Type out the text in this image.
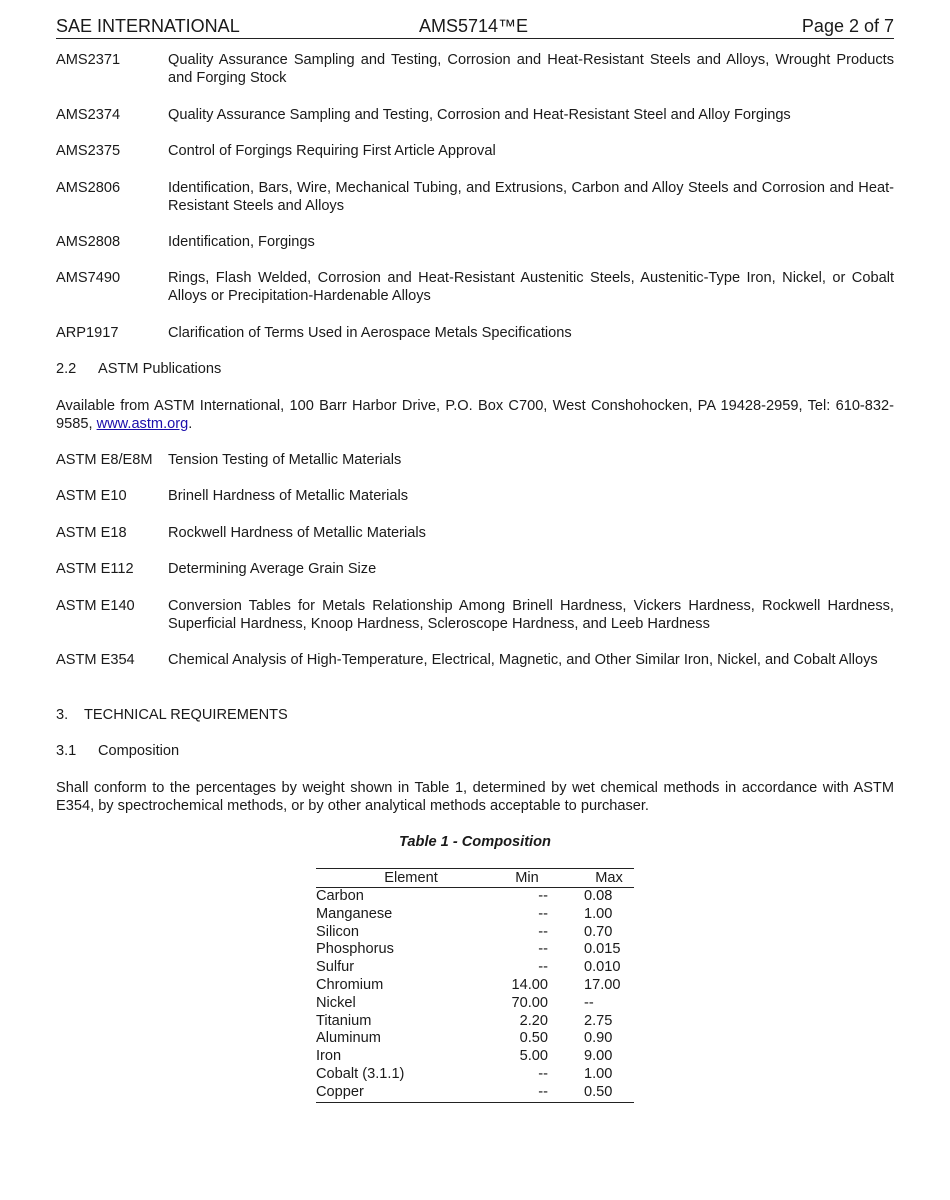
SAE INTERNATIONAL	AMS5714™E	Page 2 of 7
AMS2371	Quality Assurance Sampling and Testing, Corrosion and Heat-Resistant Steels and Alloys, Wrought Products and Forging Stock
AMS2374	Quality Assurance Sampling and Testing, Corrosion and Heat-Resistant Steel and Alloy Forgings
AMS2375	Control of Forgings Requiring First Article Approval
AMS2806	Identification, Bars, Wire, Mechanical Tubing, and Extrusions, Carbon and Alloy Steels and Corrosion and Heat-Resistant Steels and Alloys
AMS2808	Identification, Forgings
AMS7490	Rings, Flash Welded, Corrosion and Heat-Resistant Austenitic Steels, Austenitic-Type Iron, Nickel, or Cobalt Alloys or Precipitation-Hardenable Alloys
ARP1917	Clarification of Terms Used in Aerospace Metals Specifications
2.2 ASTM Publications
Available from ASTM International, 100 Barr Harbor Drive, P.O. Box C700, West Conshohocken, PA 19428-2959, Tel: 610-832-9585, www.astm.org.
ASTM E8/E8M Tension Testing of Metallic Materials
ASTM E10	Brinell Hardness of Metallic Materials
ASTM E18	Rockwell Hardness of Metallic Materials
ASTM E112 Determining Average Grain Size
ASTM E140 Conversion Tables for Metals Relationship Among Brinell Hardness, Vickers Hardness, Rockwell Hardness, Superficial Hardness, Knoop Hardness, Scleroscope Hardness, and Leeb Hardness
ASTM E354 Chemical Analysis of High-Temperature, Electrical, Magnetic, and Other Similar Iron, Nickel, and Cobalt Alloys
3. TECHNICAL REQUIREMENTS
3.1 Composition
Shall conform to the percentages by weight shown in Table 1, determined by wet chemical methods in accordance with ASTM E354, by spectrochemical methods, or by other analytical methods acceptable to purchaser.
Table 1 - Composition
Element	Min		Max
Carbon	--		0.08
Manganese	--		1.00
Silicon	--		0.70
Phosphorus	--		0.015
Sulfur	--		0.010
Chromium	14.00		17.00
Nickel	70.00		--
Titanium	2.20		2.75
Aluminum	0.50		0.90
Iron	5.00		9.00
Cobalt (3.1.1)	--		1.00
Copper	--		0.50
